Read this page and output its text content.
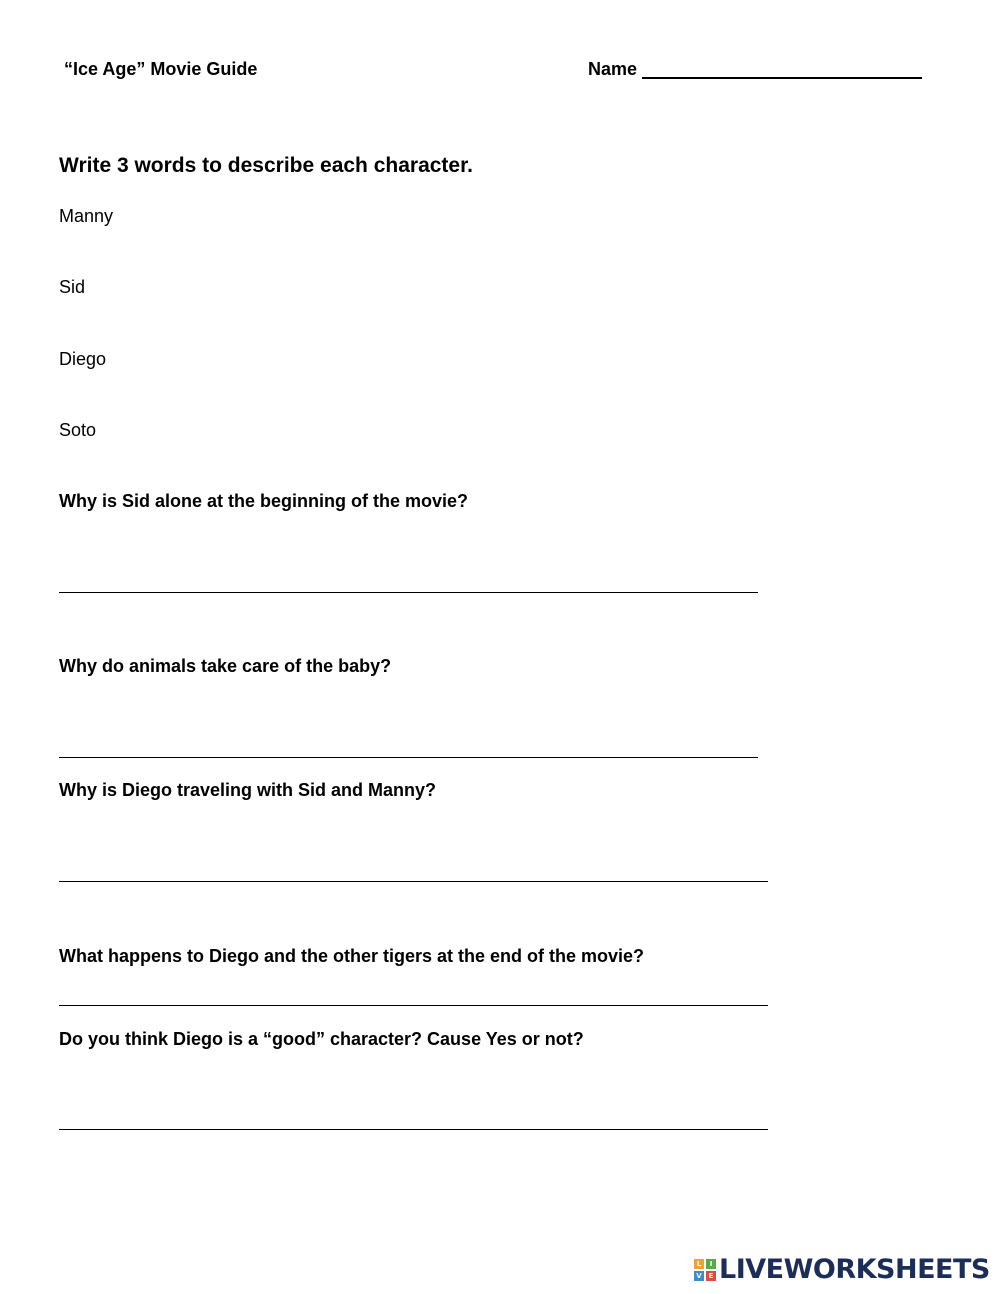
“Ice Age” Movie Guide	Name
Write 3 words to describe each character.
Manny
Sid
Diego
Soto
Why is Sid alone at the beginning of the movie?
Why do animals take care of the baby?
Why is Diego traveling with Sid and Manny?
What happens to Diego and the other tigers at the end of the movie?
Do you think Diego is a “good” character? Cause Yes or not?
L	I
V E LIVEWORKSHEETS
